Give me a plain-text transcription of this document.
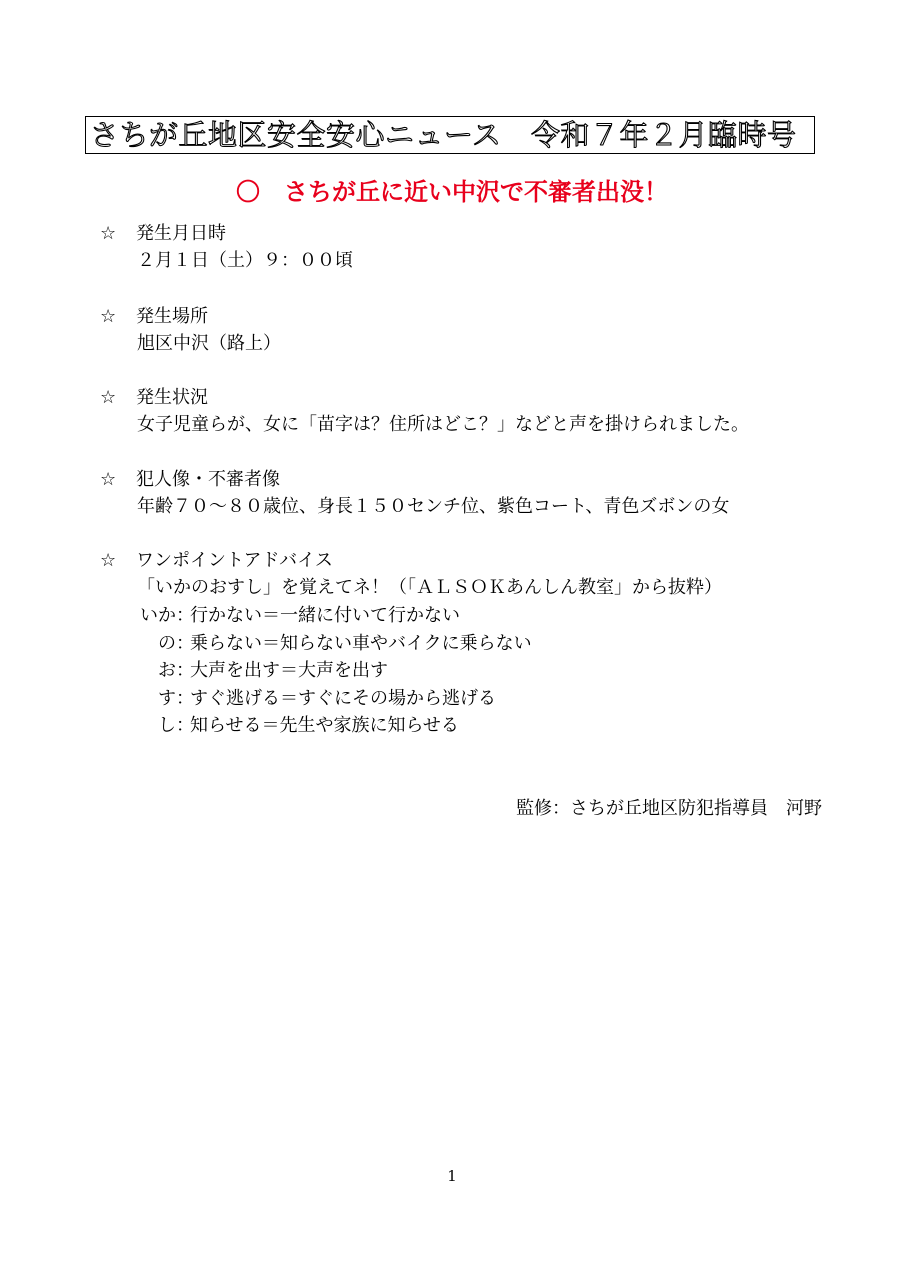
さちが丘地区安全安心ニュース　令和７年２月臨時号
〇　さちが丘に近い中沢で不審者出没！
☆	発生月日時
２月１日（土）９：００頃
☆	発生場所
旭区中沢（路上）
☆	発生状況
女子児童らが、女に「苗字は？住所はどこ？」などと声を掛けられました。
☆	犯人像・不審者像
年齢７０～８０歳位、身長１５０センチ位、紫色コート、青色ズボンの女
☆	ワンポイントアドバイス
「いかのおすし」を覚えてネ！（「ＡＬＳＯＫあんしん教室」から抜粋）
いか ：
行かない＝一緒に付いて行かない
の ：
乗らない＝知らない車やバイクに乗らない
お ：
大声を出す＝大声を出す
す ：
すぐ逃げる＝すぐにその場から逃げる
し ：
知らせる＝先生や家族に知らせる
監修：さちが丘地区防犯指導員　河野
1
